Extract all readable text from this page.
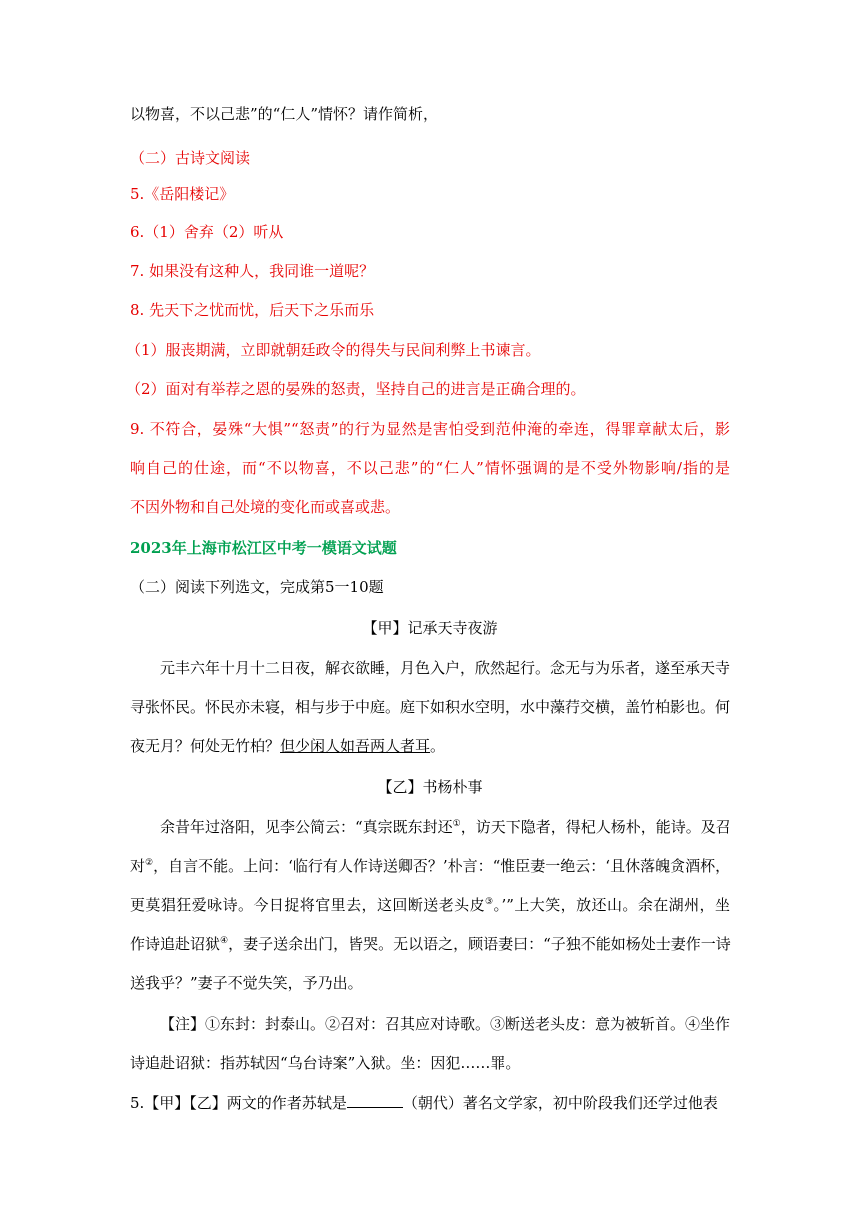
以物喜，不以己悲”的“仁人”情怀？请作简析，
（二）古诗文阅读
5.《岳阳楼记》
6.（1）舍弃（2）听从
7. 如果没有这种人，我同谁一道呢？
8. 先天下之忧而忧，后天下之乐而乐
（1）服丧期满，立即就朝廷政令的得失与民间利弊上书谏言。
（2）面对有举荐之恩的晏殊的怒责，坚持自己的进言是正确合理的。
9. 不符合，晏殊“大惧”“怒责”的行为显然是害怕受到范仲淹的牵连，得罪章献太后，影
响自己的仕途，而“不以物喜，不以己悲”的“仁人”情怀强调的是不受外物影响/指的是
不因外物和自己处境的变化而或喜或悲。
2023年上海市松江区中考一模语文试题
（二）阅读下列选文，完成第5一10题
【甲】记承天寺夜游
元丰六年十月十二日夜，解衣欲睡，月色入户，欣然起行。念无与为乐者，遂至承天寺
寻张怀民。怀民亦未寝，相与步于中庭。庭下如积水空明，水中藻荇交横，盖竹柏影也。何
夜无月？何处无竹柏？但少闲人如吾两人者耳。
【乙】书杨朴事
余昔年过洛阳，见李公简云：“真宗既东封还①，访天下隐者，得杞人杨朴，能诗。及召
对②，自言不能。上问：‘临行有人作诗送卿否？’朴言：“惟臣妻一绝云：‘且休落魄贪酒杯，
更莫猖狂爱咏诗。今日捉将官里去，这回断送老头皮③。’”上大笑，放还山。余在湖州，坐
作诗追赴诏狱④，妻子送余出门，皆哭。无以语之，顾语妻曰：“子独不能如杨处士妻作一诗
送我乎？”妻子不觉失笑，予乃出。
【注】①东封：封泰山。②召对：召其应对诗歌。③断送老头皮：意为被斩首。④坐作
诗追赴诏狱：指苏轼因“乌台诗案”入狱。坐：因犯……罪。
5.【甲】【乙】两文的作者苏轼是	（朝代）著名文学家，初中阶段我们还学过他表
